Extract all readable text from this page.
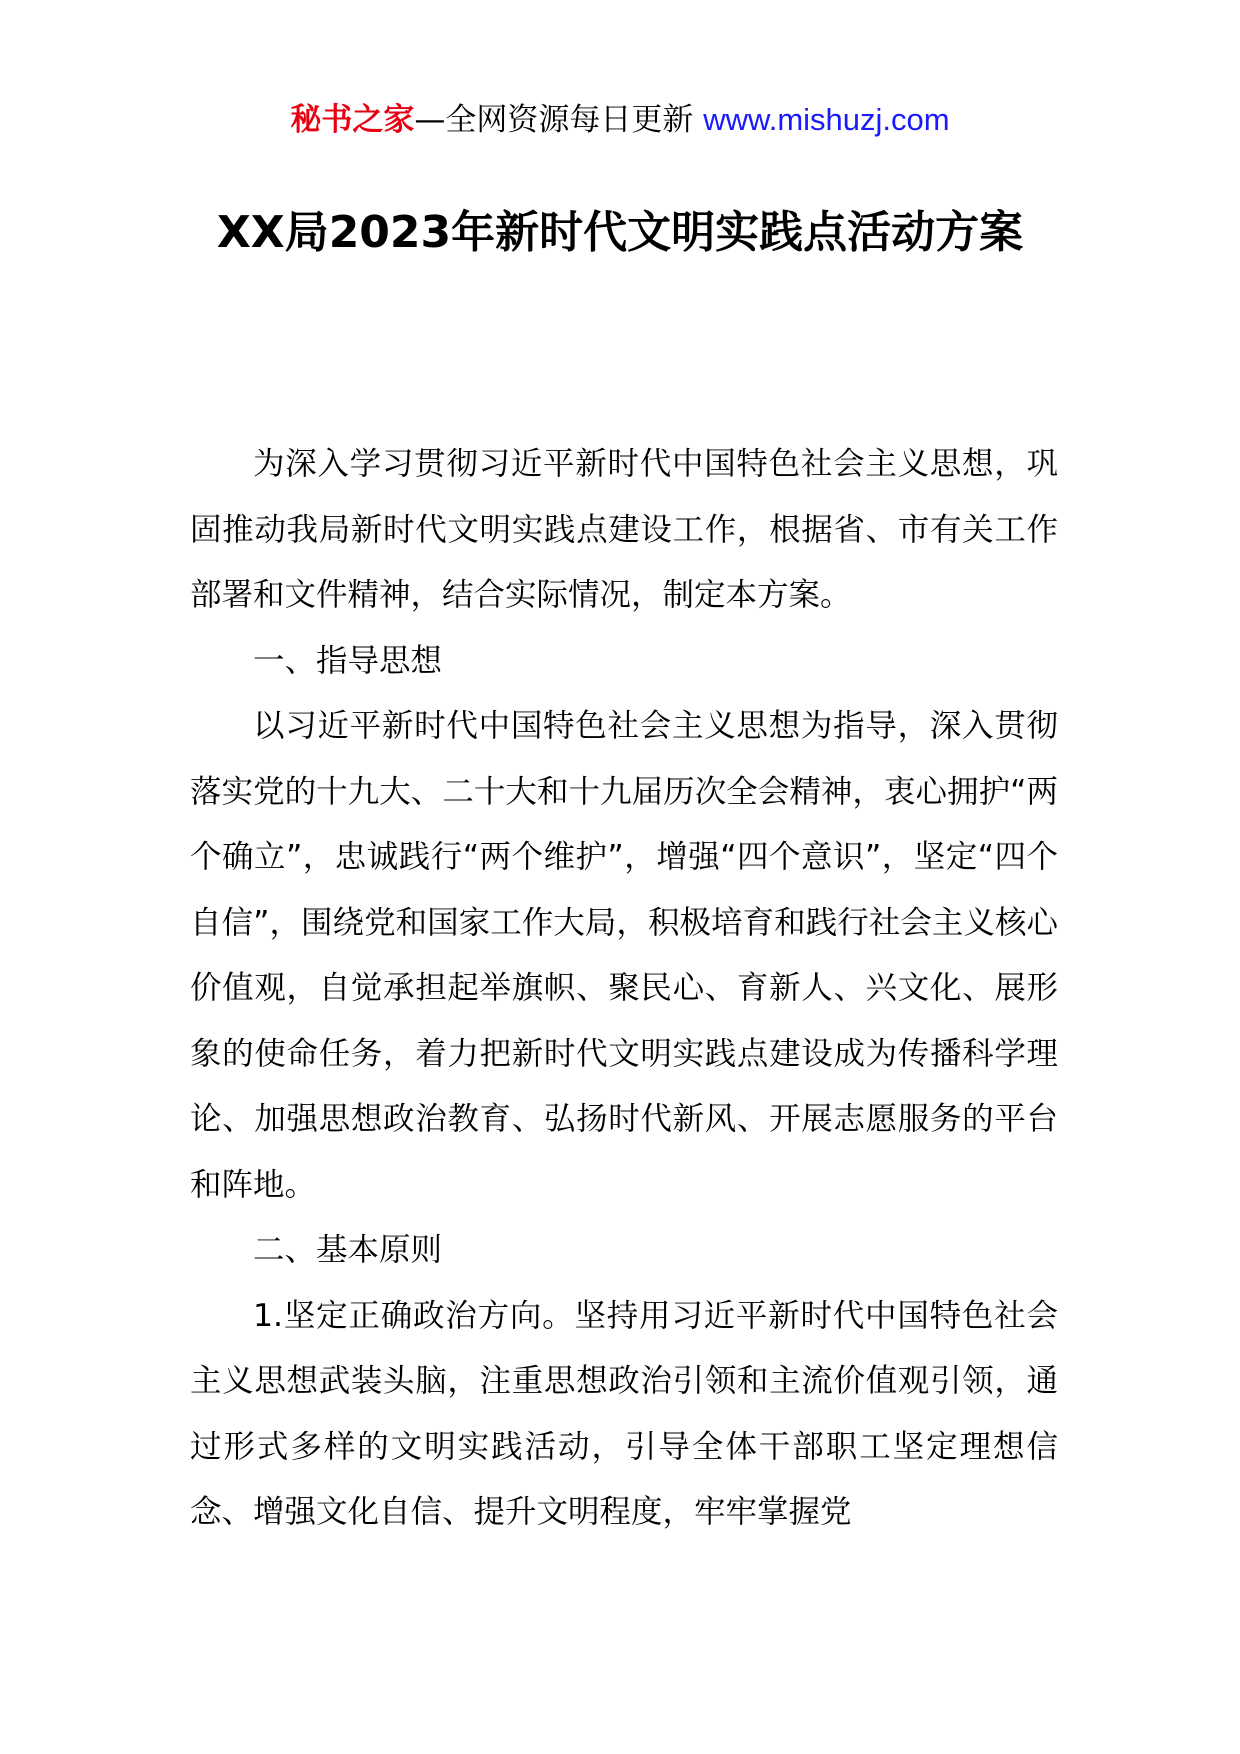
秘书之家—全网资源每日更新 www.mishuzj.com
XX局2023年新时代文明实践点活动方案

为深入学习贯彻习近平新时代中国特色社会主义思想，巩固推动我局新时代文明实践点建设工作，根据省、市有关工作部署和文件精神，结合实际情况，制定本方案。

一、指导思想

以习近平新时代中国特色社会主义思想为指导，深入贯彻落实党的十九大、二十大和十九届历次全会精神，衷心拥护“两个确立”，忠诚践行“两个维护”，增强“四个意识”，坚定“四个自信”，围绕党和国家工作大局，积极培育和践行社会主义核心价值观，自觉承担起举旗帜、聚民心、育新人、兴文化、展形象的使命任务，着力把新时代文明实践点建设成为传播科学理论、加强思想政治教育、弘扬时代新风、开展志愿服务的平台和阵地。

二、基本原则

1.坚定正确政治方向。坚持用习近平新时代中国特色社会主义思想武装头脑，注重思想政治引领和主流价值观引领，通过形式多样的文明实践活动，引导全体干部职工坚定理想信念、增强文化自信、提升文明程度，牢牢掌握党
